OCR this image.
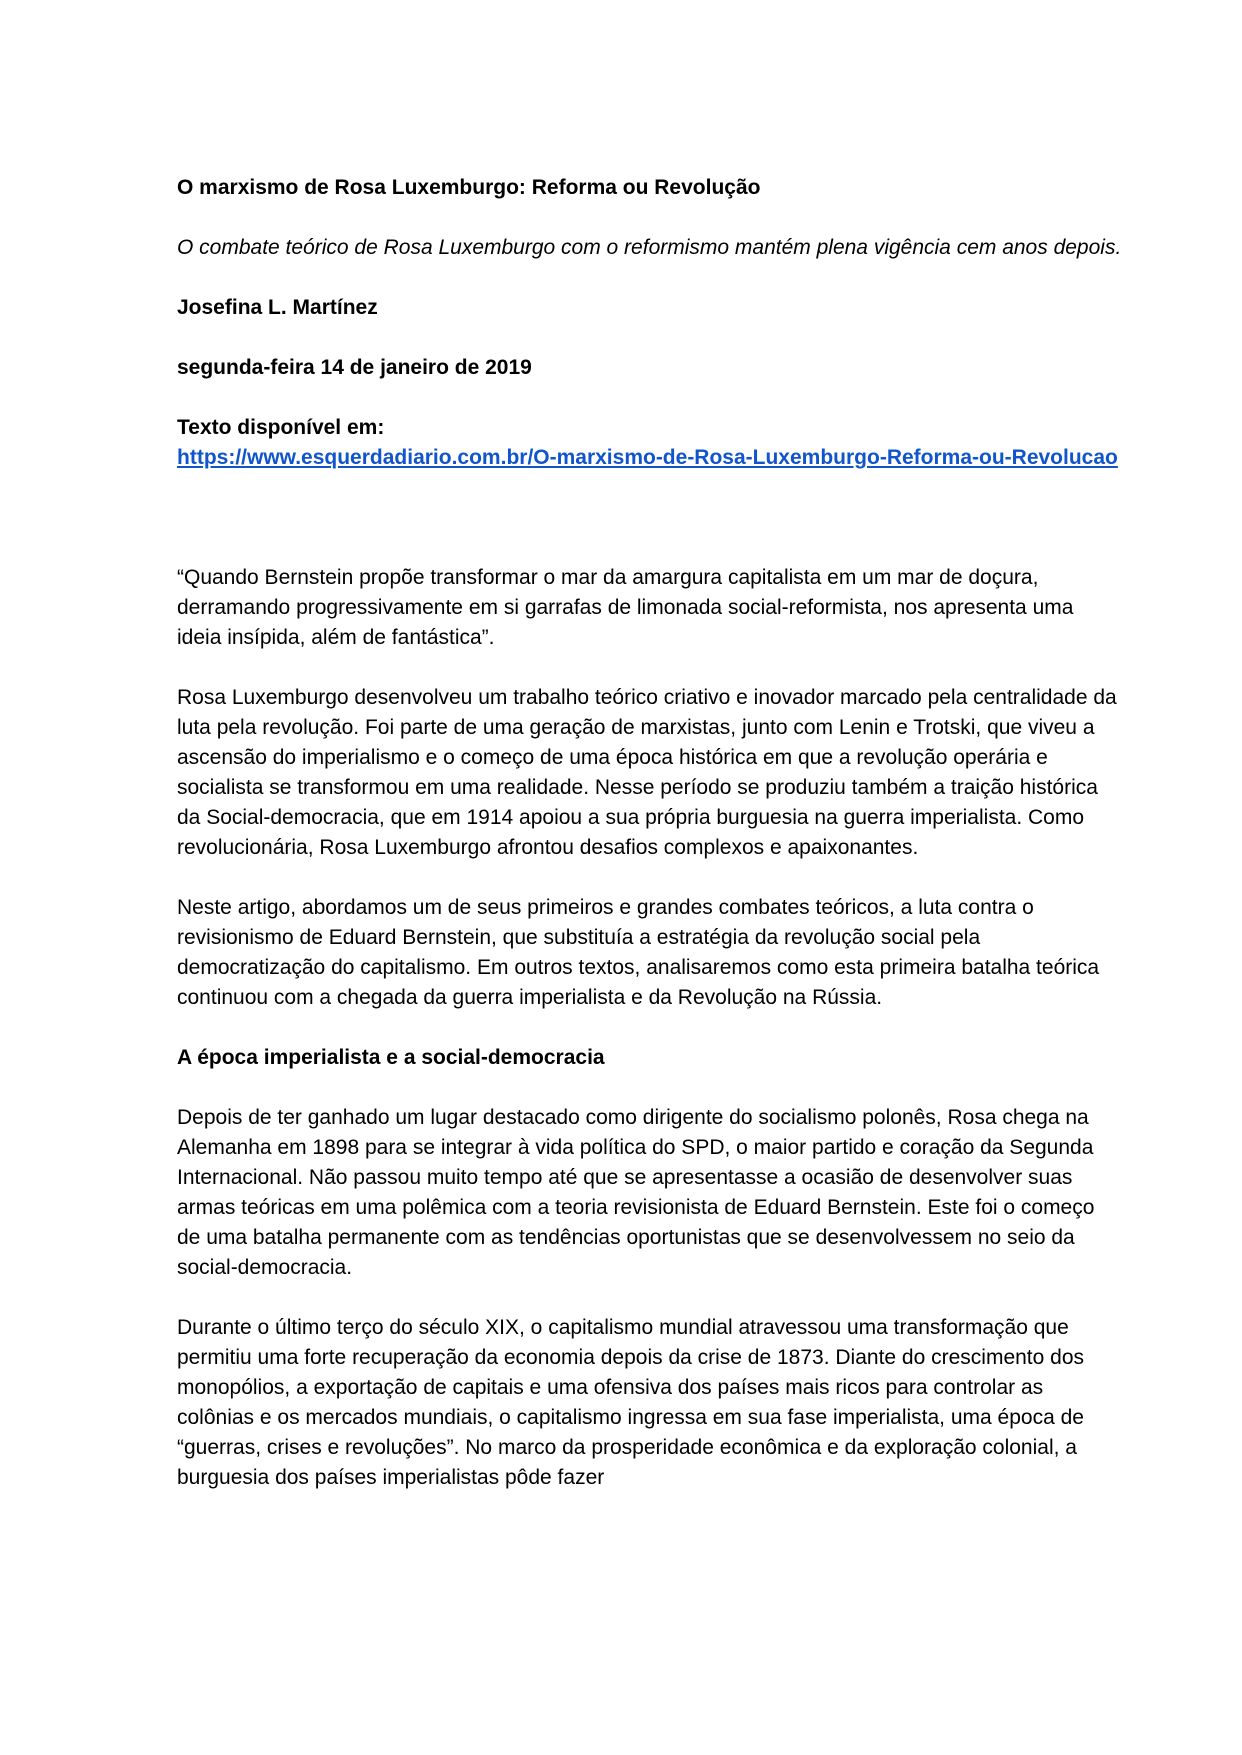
O marxismo de Rosa Luxemburgo: Reforma ou Revolução

O combate teórico de Rosa Luxemburgo com o reformismo mantém plena vigência cem anos depois.

Josefina L. Martínez

segunda-feira 14 de janeiro de 2019

Texto disponível em:
https://www.esquerdadiario.com.br/O-marxismo-de-Rosa-Luxemburgo-Reforma-ou-Revolucao

“Quando Bernstein propõe transformar o mar da amargura capitalista em um mar de doçura, derramando progressivamente em si garrafas de limonada social-reformista, nos apresenta uma ideia insípida, além de fantástica”.

Rosa Luxemburgo desenvolveu um trabalho teórico criativo e inovador marcado pela centralidade da luta pela revolução. Foi parte de uma geração de marxistas, junto com Lenin e Trotski, que viveu a ascensão do imperialismo e o começo de uma época histórica em que a revolução operária e socialista se transformou em uma realidade. Nesse período se produziu também a traição histórica da Social-democracia, que em 1914 apoiou a sua própria burguesia na guerra imperialista. Como revolucionária, Rosa Luxemburgo afrontou desafios complexos e apaixonantes.

Neste artigo, abordamos um de seus primeiros e grandes combates teóricos, a luta contra o revisionismo de Eduard Bernstein, que substituía a estratégia da revolução social pela democratização do capitalismo. Em outros textos, analisaremos como esta primeira batalha teórica continuou com a chegada da guerra imperialista e da Revolução na Rússia.

A época imperialista e a social-democracia

Depois de ter ganhado um lugar destacado como dirigente do socialismo polonês, Rosa chega na Alemanha em 1898 para se integrar à vida política do SPD, o maior partido e coração da Segunda Internacional. Não passou muito tempo até que se apresentasse a ocasião de desenvolver suas armas teóricas em uma polêmica com a teoria revisionista de Eduard Bernstein. Este foi o começo de uma batalha permanente com as tendências oportunistas que se desenvolvessem no seio da social-democracia.

Durante o último terço do século XIX, o capitalismo mundial atravessou uma transformação que permitiu uma forte recuperação da economia depois da crise de 1873. Diante do crescimento dos monopólios, a exportação de capitais e uma ofensiva dos países mais ricos para controlar as colônias e os mercados mundiais, o capitalismo ingressa em sua fase imperialista, uma época de “guerras, crises e revoluções”. No marco da prosperidade econômica e da exploração colonial, a burguesia dos países imperialistas pôde fazer
